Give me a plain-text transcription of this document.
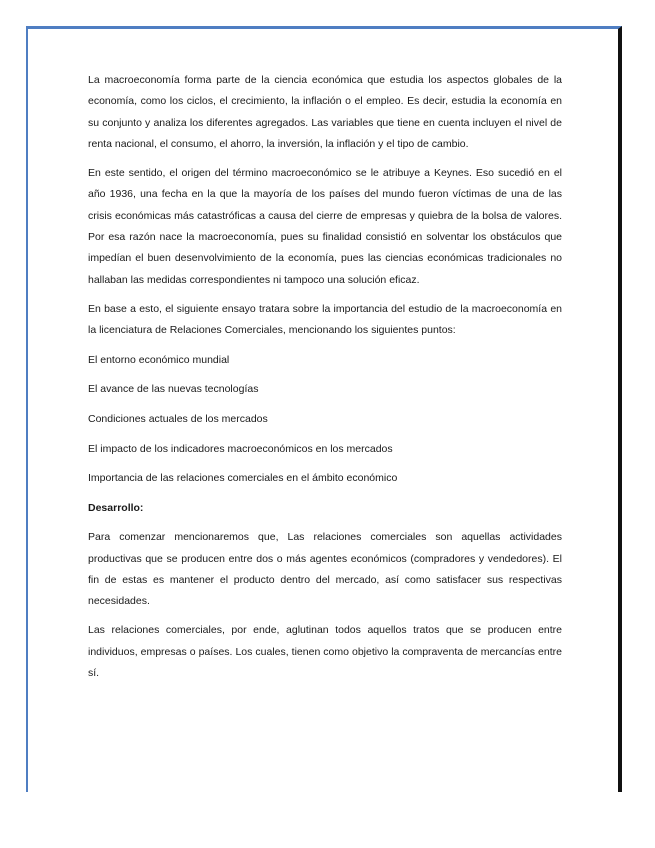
La macroeconomía forma parte de la ciencia económica que estudia los aspectos globales de la economía, como los ciclos, el crecimiento, la inflación o el empleo. Es decir, estudia la economía en su conjunto y analiza los diferentes agregados. Las variables que tiene en cuenta incluyen el nivel de renta nacional, el consumo, el ahorro, la inversión, la inflación y el tipo de cambio.

En este sentido, el origen del término macroeconómico se le atribuye a Keynes. Eso sucedió en el año 1936, una fecha en la que la mayoría de los países del mundo fueron víctimas de una de las crisis económicas más catastróficas a causa del cierre de empresas y quiebra de la bolsa de valores. Por esa razón nace la macroeconomía, pues su finalidad consistió en solventar los obstáculos que impedían el buen desenvolvimiento de la economía, pues las ciencias económicas tradicionales no hallaban las medidas correspondientes ni tampoco una solución eficaz.

En base a esto, el siguiente ensayo tratara sobre la importancia del estudio de la macroeconomía en la licenciatura de Relaciones Comerciales, mencionando los siguientes puntos:

El entorno económico mundial

El avance de las nuevas tecnologías

Condiciones actuales de los mercados

El impacto de los indicadores macroeconómicos en los mercados

Importancia de las relaciones comerciales en el ámbito económico

Desarrollo:

Para comenzar mencionaremos que, Las relaciones comerciales son aquellas actividades productivas que se producen entre dos o más agentes económicos (compradores y vendedores). El fin de estas es mantener el producto dentro del mercado, así como satisfacer sus respectivas necesidades.

Las relaciones comerciales, por ende, aglutinan todos aquellos tratos que se producen entre individuos, empresas o países. Los cuales, tienen como objetivo la compraventa de mercancías entre sí.
